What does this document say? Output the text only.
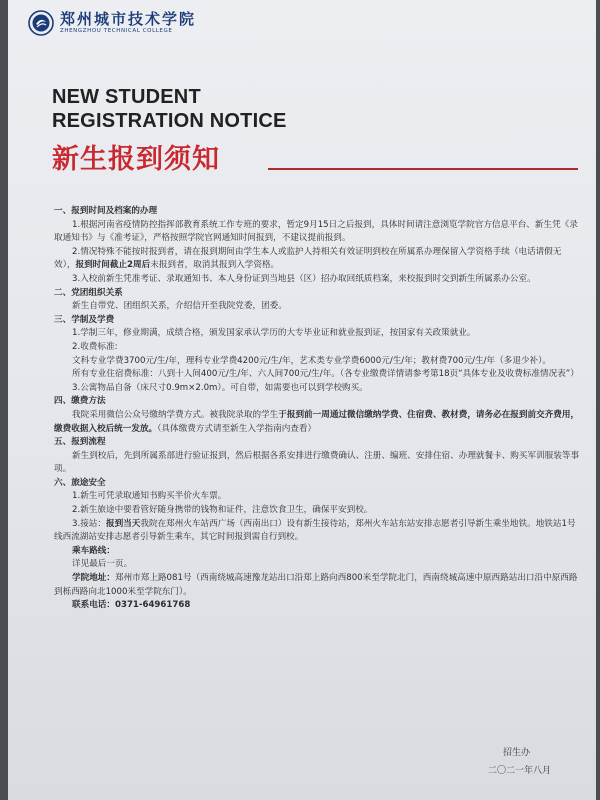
郑州城市技术学院
ZHENGZHOU TECHNICAL COLLEGE
NEW STUDENT
REGISTRATION NOTICE
新生报到须知

一、报到时间及档案的办理

1.根据河南省疫情防控指挥部教育系统工作专班的要求，暂定9月15日之后报到，具体时间请注意浏览学院官方信息平台、新生凭《录取通知书》与《准考证》，严格按照学院官网通知时间报到，不建议提前报到。

2.情况特殊不能按时报到者，请在报到期间由学生本人或监护人持相关有效证明到校在所属系办理保留入学资格手续（电话请假无效），报到时间截止2周后未报到者，取消其报到入学资格。

3.入校前新生凭准考证、录取通知书、本人身份证到当地县（区）招办取回纸质档案，来校报到时交到新生所属系办公室。

二、党团组织关系

新生自带党、团组织关系，介绍信开至我院党委，团委。

三、学制及学费

1.学制三年，修业期满，成绩合格，颁发国家承认学历的大专毕业证和就业报到证，按国家有关政策就业。

2.收费标准:

文科专业学费3700元/生/年，理科专业学费4200元/生/年，艺术类专业学费6000元/生/年；教材费700元/生/年（多退少补）。

所有专业住宿费标准：八到十人间400元/生/年、六人间700元/生/年。（各专业缴费详情请参考第18页“具体专业及收费标准情况表”）

3.公寓物品自备（床尺寸0.9m×2.0m）。可自带，如需要也可以到学校购买。

四、缴费方法

我院采用微信公众号缴纳学费方式。被我院录取的学生于报到前一周通过微信缴纳学费、住宿费、教材费，请务必在报到前交齐费用，缴费收据入校后统一发放。（具体缴费方式请至新生入学指南内查看）

五、报到流程

新生到校后，先到所属系部进行验证报到，然后根据各系安排进行缴费确认、注册、编班、安排住宿、办理就餐卡、购买军训服装等事项。

六、旅途安全

1.新生可凭录取通知书购买半价火车票。

2.新生旅途中要看管好随身携带的钱物和证件，注意饮食卫生，确保平安到校。

3.接站：报到当天我院在郑州火车站西广场（西南出口）设有新生接待站，郑州火车站东站安排志愿者引导新生乘坐地铁。地铁站1号线西流湖站安排志愿者引导新生乘车，其它时间报到需自行到校。

乘车路线：

详见最后一页。

学院地址：郑州市郑上路081号（西南绕城高速豫龙站出口沿郑上路向西800米至学院北门，西南绕城高速中原西路站出口沿中原西路到栎西路向北1000米至学院东门）。

联系电话：0371-64961768

招生办
二〇二一年八月
